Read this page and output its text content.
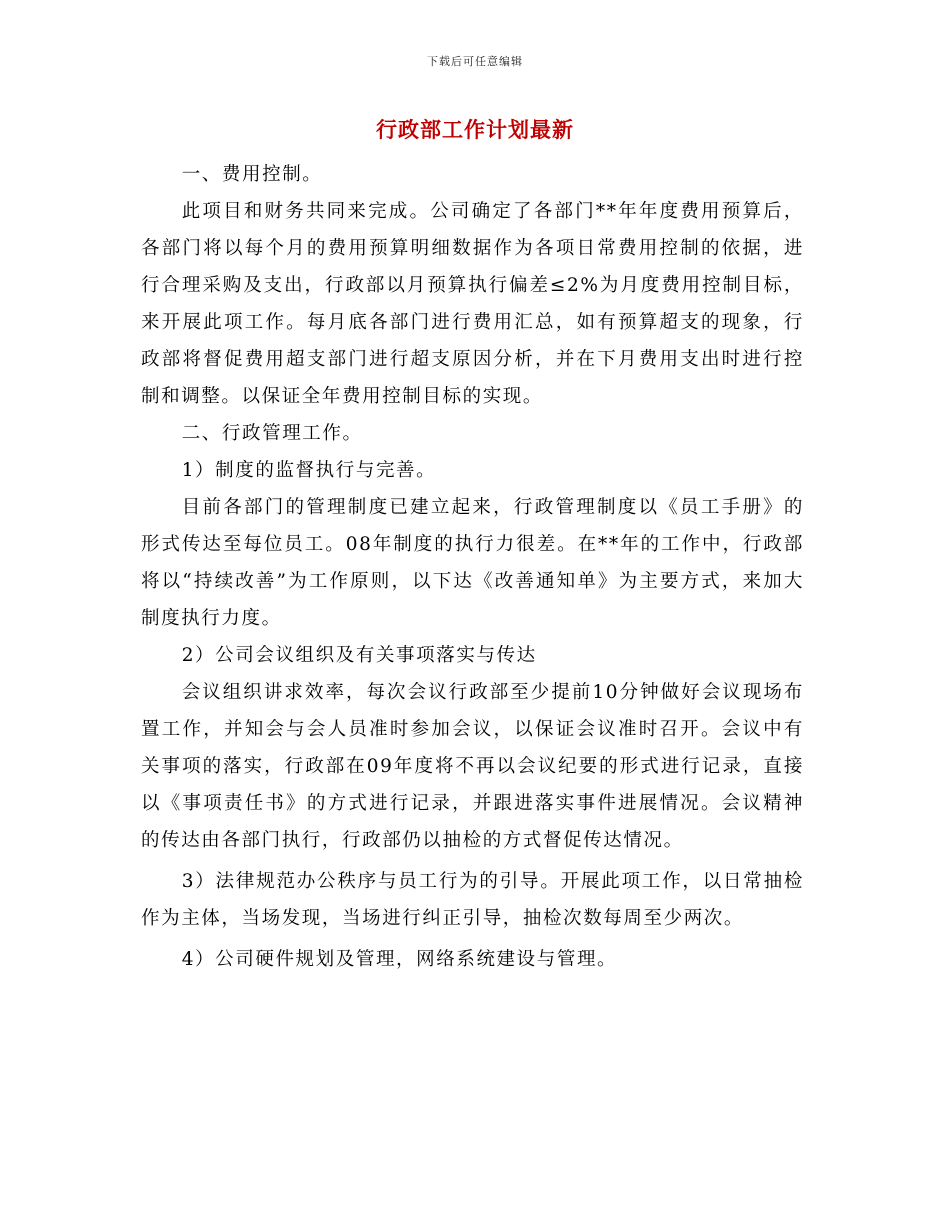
下载后可任意编辑
行政部工作计划最新

一、费用控制。

此项目和财务共同来完成。公司确定了各部门**年年度费用预算后，各部门将以每个月的费用预算明细数据作为各项日常费用控制的依据，进行合理采购及支出，行政部以月预算执行偏差≤2%为月度费用控制目标，来开展此项工作。每月底各部门进行费用汇总，如有预算超支的现象，行政部将督促费用超支部门进行超支原因分析，并在下月费用支出时进行控制和调整。以保证全年费用控制目标的实现。

二、行政管理工作。

1）制度的监督执行与完善。

目前各部门的管理制度已建立起来，行政管理制度以《员工手册》的形式传达至每位员工。08年制度的执行力很差。在**年的工作中，行政部将以“持续改善”为工作原则，以下达《改善通知单》为主要方式，来加大制度执行力度。

2）公司会议组织及有关事项落实与传达

会议组织讲求效率，每次会议行政部至少提前10分钟做好会议现场布置工作，并知会与会人员准时参加会议，以保证会议准时召开。会议中有关事项的落实，行政部在09年度将不再以会议纪要的形式进行记录，直接以《事项责任书》的方式进行记录，并跟进落实事件进展情况。会议精神的传达由各部门执行，行政部仍以抽检的方式督促传达情况。

3）法律规范办公秩序与员工行为的引导。开展此项工作，以日常抽检作为主体，当场发现，当场进行纠正引导，抽检次数每周至少两次。

4）公司硬件规划及管理，网络系统建设与管理。
